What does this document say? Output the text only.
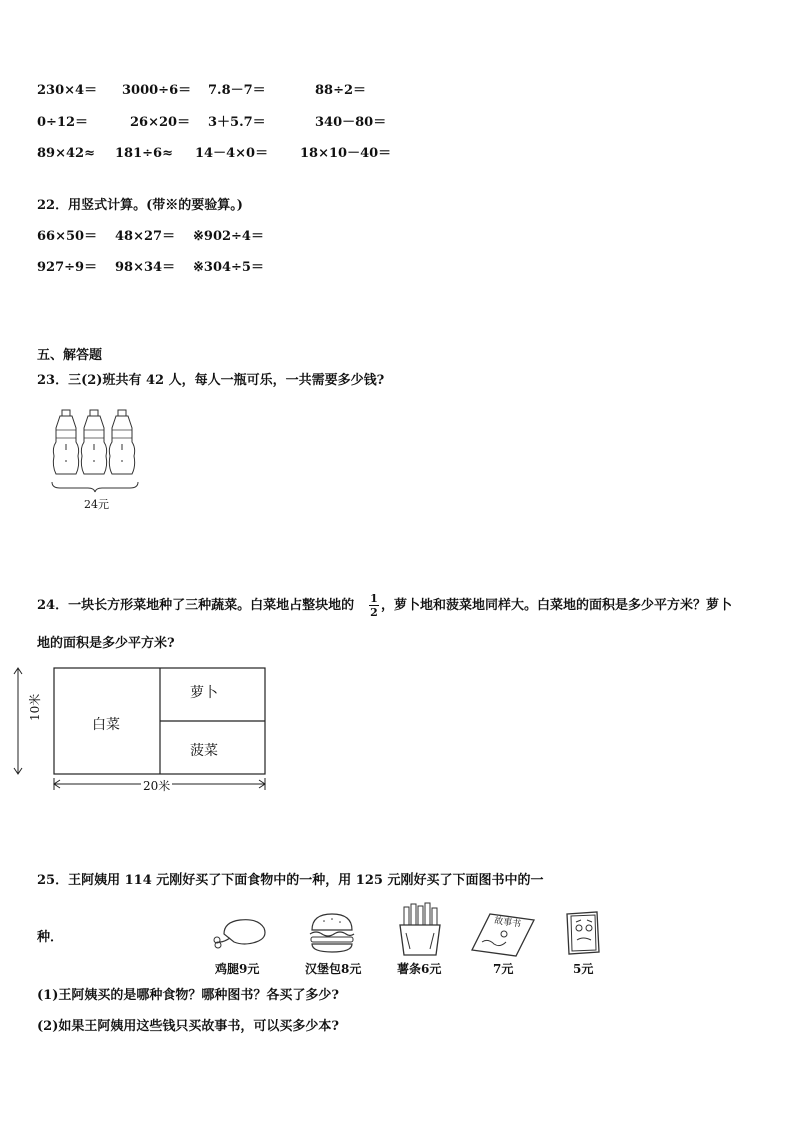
230×4＝ 3000÷6＝ 7.8－7＝	88÷2＝
0÷12＝	26×20＝ 3＋5.7＝	340－80＝
89×42≈ 181÷6≈ 14－4×0＝ 18×10－40＝
22．用竖式计算。(带※的要验算。)
66×50＝ 48×27＝ ※902÷4＝
927÷9＝ 98×34＝ ※304÷5＝
五、解答题
23．三(2)班共有 42 人，每人一瓶可乐，一共需要多少钱?
24元
24．一块长方形菜地种了三种蔬菜。白菜地占整块地的 1
2 ，萝卜地和菠菜地同样大。白菜地的面积是多少平方米？萝卜
地的面积是多少平方米?
白菜
萝卜
菠菜
10米
20米
25．王阿姨用 114 元刚好买了下面食物中的一种，用 125 元刚好买了下面图书中的一
种．
故事书
鸡腿9元	汉堡包8元	薯条6元	7元	5元
(1)王阿姨买的是哪种食物？哪种图书？各买了多少?
(2)如果王阿姨用这些钱只买故事书，可以买多少本?
